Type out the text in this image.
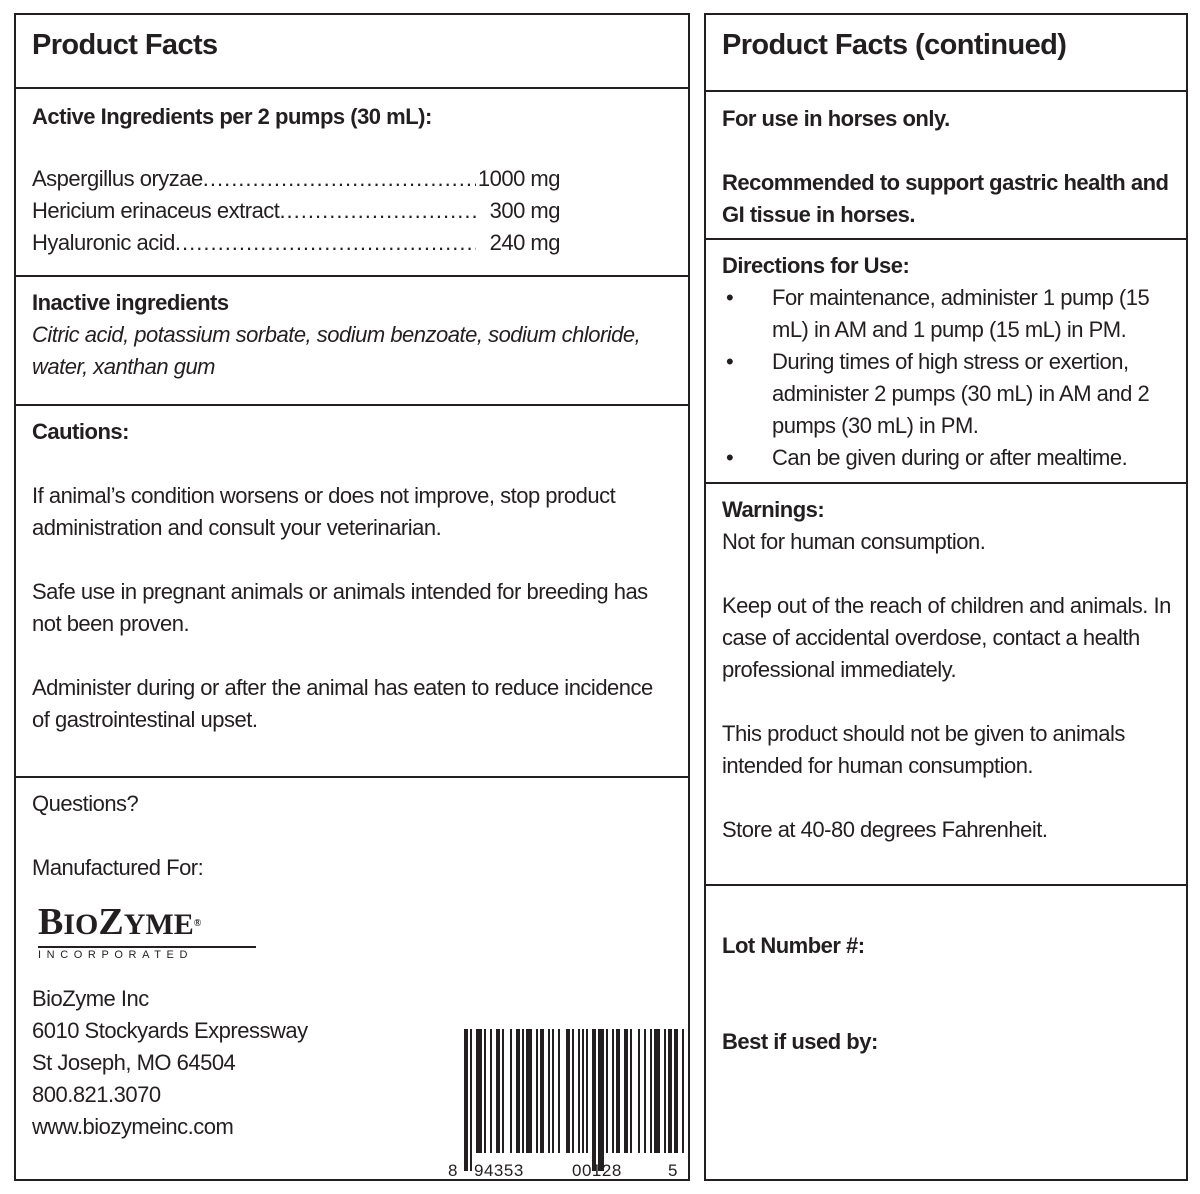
Product Facts
Active Ingredients per 2 pumps (30 mL):
Aspergillus oryzae .....	1000 mg
Hericium erinaceus extract .....	300 mg
Hyaluronic acid .....	240 mg
Inactive ingredients
Citric acid, potassium sorbate, sodium benzoate, sodium chloride, water, xanthan gum
Cautions:

If animal’s condition worsens or does not improve, stop product administration and consult your veterinarian.

Safe use in pregnant animals or animals intended for breeding has not been proven.

Administer during or after the animal has eaten to reduce incidence of gastrointestinal upset.

Questions?
Manufactured For:
BioZyme Inc
6010 Stockyards Expressway
St Joseph, MO 64504
800.821.3070
www.biozymeinc.com
BIOZYME®
INCORPORATED
8 94353	00128	5
Product Facts (continued)
For use in horses only.
Recommended to support gastric health and GI tissue in horses.
Directions for Use:
• For maintenance, administer 1 pump (15 mL) in AM and 1 pump (15 mL) in PM.
• During times of high stress or exertion, administer 2 pumps (30 mL) in AM and 2 pumps (30 mL) in PM.
• Can be given during or after mealtime.
Warnings:

Not for human consumption.

Keep out of the reach of children and animals. In case of accidental overdose, contact a health professional immediately.

This product should not be given to animals intended for human consumption.

Store at 40-80 degrees Fahrenheit.

Lot Number #:
Best if used by:
